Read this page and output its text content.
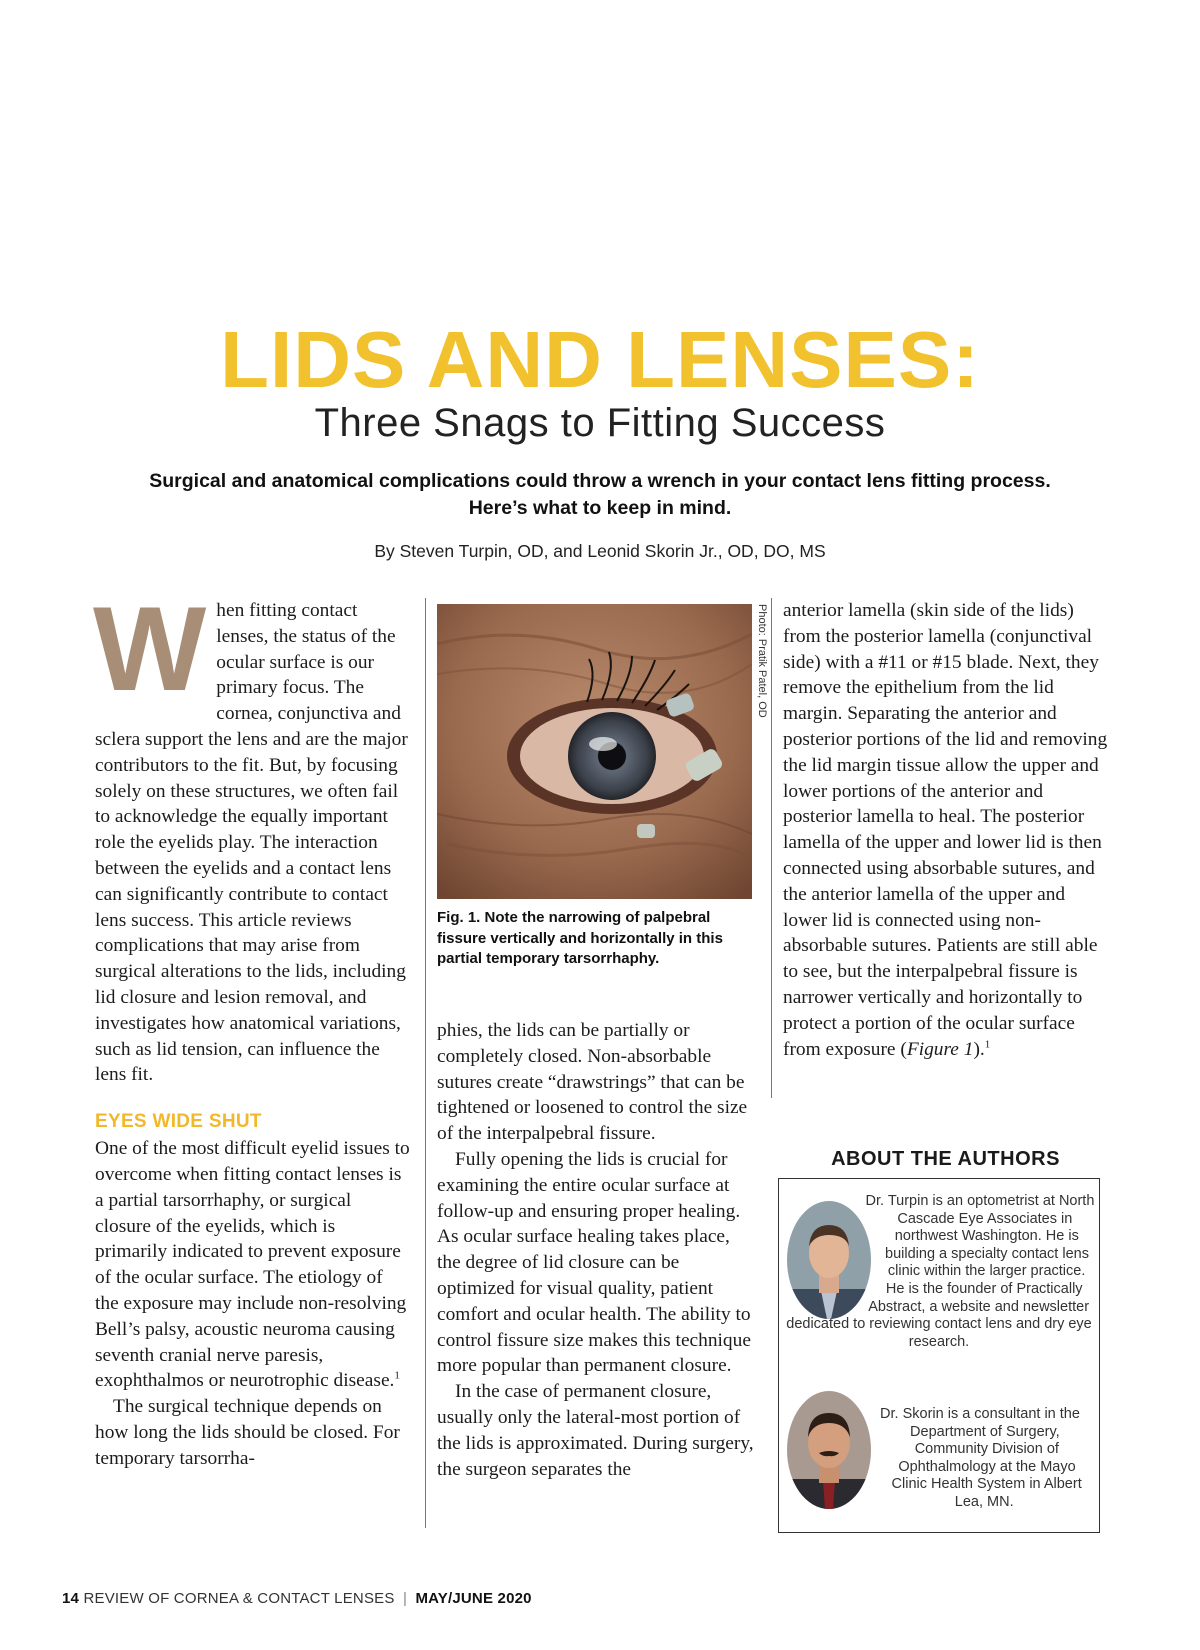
LIDS AND LENSES:
Three Snags to Fitting Success

Surgical and anatomical complications could throw a wrench in your contact lens fitting process.
Here’s what to keep in mind.

By Steven Turpin, OD, and Leonid Skorin Jr., OD, DO, MS

When fitting contact lenses, the status of the ocular surface is our primary focus. The cornea, conjunctiva and sclera support the lens and are the major contributors to the fit. But, by focusing solely on these structures, we often fail to acknowledge the equally important role the eyelids play. The interaction between the eyelids and a contact lens can significantly contribute to contact lens success. This article reviews complications that may arise from surgical alterations to the lids, including lid closure and lesion removal, and investigates how anatomical variations, such as lid tension, can influence the lens fit.

EYES WIDE SHUT

One of the most difficult eyelid issues to overcome when fitting contact lenses is a partial tarsorrhaphy, or surgical closure of the eyelids, which is primarily indicated to prevent exposure of the ocular surface. The etiology of the exposure may include non-resolving Bell’s palsy, acoustic neuroma causing seventh cranial nerve paresis, exophthalmos or neurotrophic disease.$^1$

The surgical technique depends on how long the lids should be closed. For temporary tarsorrha-

Photo: Pratik Patel, OD

Fig. 1. Note the narrowing of palpebral fissure vertically and horizontally in this partial temporary tarsorrhaphy.

phies, the lids can be partially or completely closed. Non-absorbable sutures create “drawstrings” that can be tightened or loosened to control the size of the interpalpebral fissure.

Fully opening the lids is crucial for examining the entire ocular surface at follow-up and ensuring proper healing. As ocular surface healing takes place, the degree of lid closure can be optimized for visual quality, patient comfort and ocular health. The ability to control fissure size makes this technique more popular than permanent closure.

In the case of permanent closure, usually only the lateral-most portion of the lids is approximated. During surgery, the surgeon separates the

anterior lamella (skin side of the lids) from the posterior lamella (conjunctival side) with a #11 or #15 blade. Next, they remove the epithelium from the lid margin. Separating the anterior and posterior portions of the lid and removing the lid margin tissue allow the upper and lower portions of the anterior and posterior lamella to heal. The posterior lamella of the upper and lower lid is then connected using absorbable sutures, and the anterior lamella of the upper and lower lid is connected using non-absorbable sutures. Patients are still able to see, but the interpalpebral fissure is narrower vertically and horizontally to protect a portion of the ocular surface from exposure (Figure 1).$^1$

ABOUT THE AUTHORS

Dr. Turpin is an optometrist at North Cascade Eye Associates in northwest Washington. He is building a specialty contact lens clinic within the larger practice. He is the founder of Practically Abstract, a website and newsletter dedicated to reviewing contact lens and dry eye research.

Dr. Skorin is a consultant in the Department of Surgery, Community Division of Ophthalmology at the Mayo Clinic Health System in Albert Lea, MN.

14 REVIEW OF CORNEA & CONTACT LENSES | MAY/JUNE 2020
